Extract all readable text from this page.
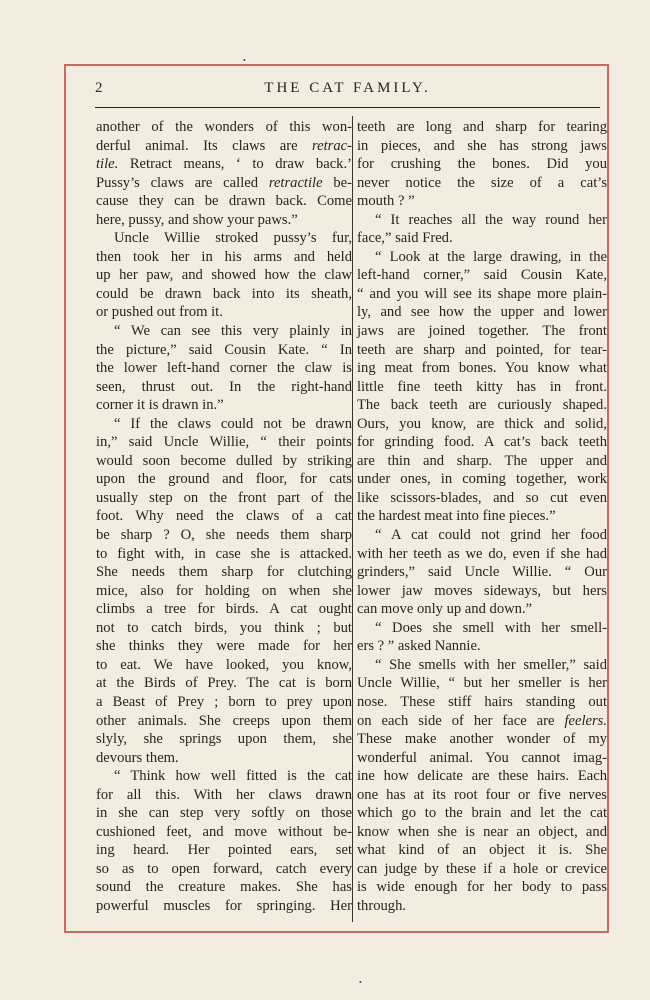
2	THE CAT FAMILY.
another of the wonders of this won-
derful animal. Its claws are retrac-
tile. Retract means, ‘ to draw back.’
Pussy’s claws are called retractile be-
cause they can be drawn back. Come
here, pussy, and show your paws.”
Uncle Willie stroked pussy’s fur,
then took her in his arms and held
up her paw, and showed how the claw
could be drawn back into its sheath,
or pushed out from it.
“ We can see this very plainly in
the picture,” said Cousin Kate. “ In
the lower left-hand corner the claw is
seen, thrust out. In the right-hand
corner it is drawn in.”
“ If the claws could not be drawn
in,” said Uncle Willie, “ their points
would soon become dulled by striking
upon the ground and floor, for cats
usually step on the front part of the
foot. Why need the claws of a cat
be sharp ? O, she needs them sharp
to fight with, in case she is attacked.
She needs them sharp for clutching
mice, also for holding on when she
climbs a tree for birds. A cat ought
not to catch birds, you think ; but
she thinks they were made for her
to eat. We have looked, you know,
at the Birds of Prey. The cat is born
a Beast of Prey ; born to prey upon
other animals. She creeps upon them
slyly, she springs upon them, she
devours them.
“ Think how well fitted is the cat
for all this. With her claws drawn
in she can step very softly on those
cushioned feet, and move without be-
ing heard. Her pointed ears, set
so as to open forward, catch every
sound the creature makes. She has
powerful muscles for springing. Her
teeth are long and sharp for tearing
in pieces, and she has strong jaws
for crushing the bones. Did you
never notice the size of a cat’s
mouth ? ”
“ It reaches all the way round her
face,” said Fred.
“ Look at the large drawing, in the
left-hand corner,” said Cousin Kate,
“ and you will see its shape more plain-
ly, and see how the upper and lower
jaws are joined together. The front
teeth are sharp and pointed, for tear-
ing meat from bones. You know what
little fine teeth kitty has in front.
The back teeth are curiously shaped.
Ours, you know, are thick and solid,
for grinding food. A cat’s back teeth
are thin and sharp. The upper and
under ones, in coming together, work
like scissors-blades, and so cut even
the hardest meat into fine pieces.”
“ A cat could not grind her food
with her teeth as we do, even if she had
grinders,” said Uncle Willie. “ Our
lower jaw moves sideways, but hers
can move only up and down.”
“ Does she smell with her smell-
ers ? ” asked Nannie.
“ She smells with her smeller,” said
Uncle Willie, “ but her smeller is her
nose. These stiff hairs standing out
on each side of her face are feelers.
These make another wonder of my
wonderful animal. You cannot imag-
ine how delicate are these hairs. Each
one has at its root four or five nerves
which go to the brain and let the cat
know when she is near an object, and
what kind of an object it is. She
can judge by these if a hole or crevice
is wide enough for her body to pass
through.
•
•
